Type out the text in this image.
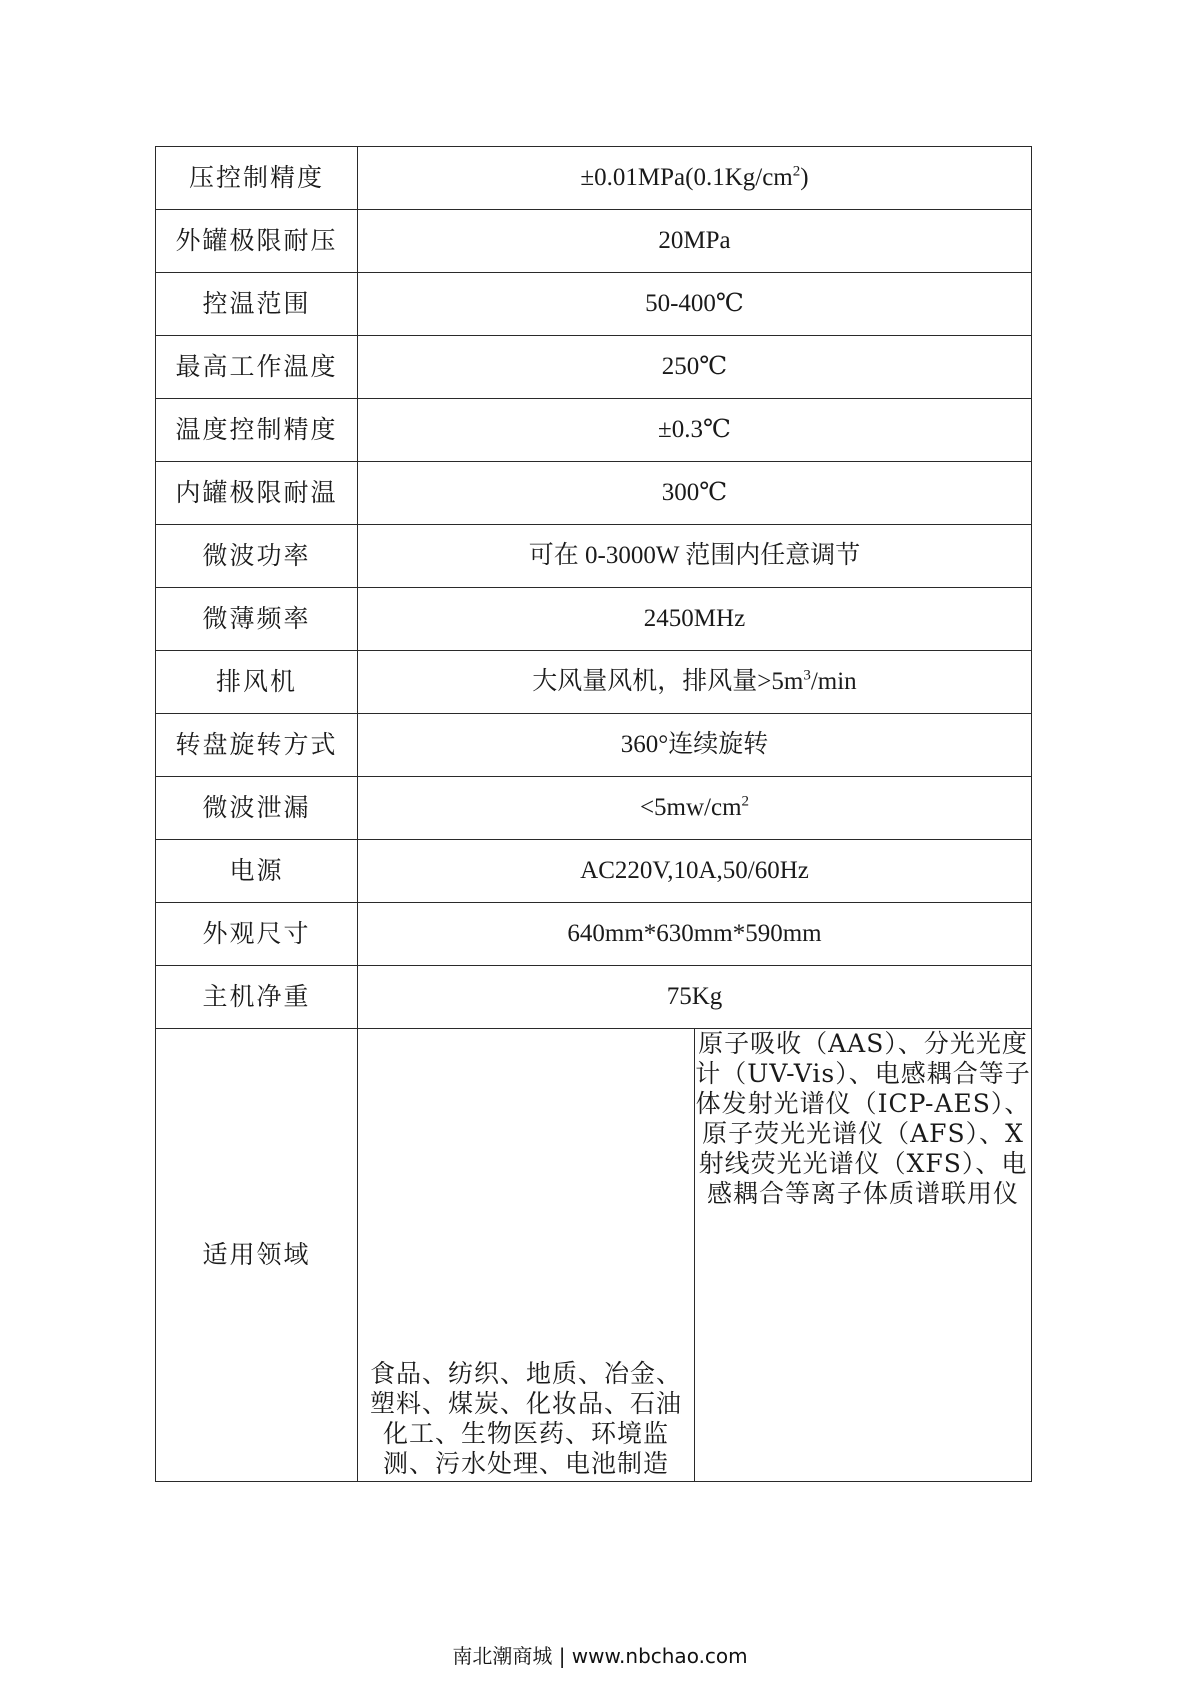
压控制精度	$\pm 0.01MPa(0.1Kg/cm^2)$	
外罐极限耐压	20MPa	
控温范围	50-400℃	
最高工作温度	250℃	
温度控制精度	±0.3℃	
内罐极限耐温	300℃	
微波功率	可在 0-3000W 范围内任意调节	
微薄频率	2450MHz	
排风机	大风量风机，排风量$>5m^3/\min$	
转盘旋转方式	360°连续旋转	
微波泄漏	$<5mw/cm^2$
电源	AC220V,10A,50/60Hz	
外观尺寸	640mm*630mm*590mm	
主机净重	75Kg	
适用领域	食品、纺织、地质、冶金、塑料、煤炭、化妆品、石油化工、生物医药、环境监测、污水处理、电池制造	原子吸收（AAS）、分光光度计（UV-Vis）、电感耦合等子体发射光谱仪（ICP-AES）、原子荧光光谱仪（AFS）、X 射线荧光光谱仪（XFS）、电感耦合等离子体质谱联用仪
南北潮商城 | www.nbchao.com
